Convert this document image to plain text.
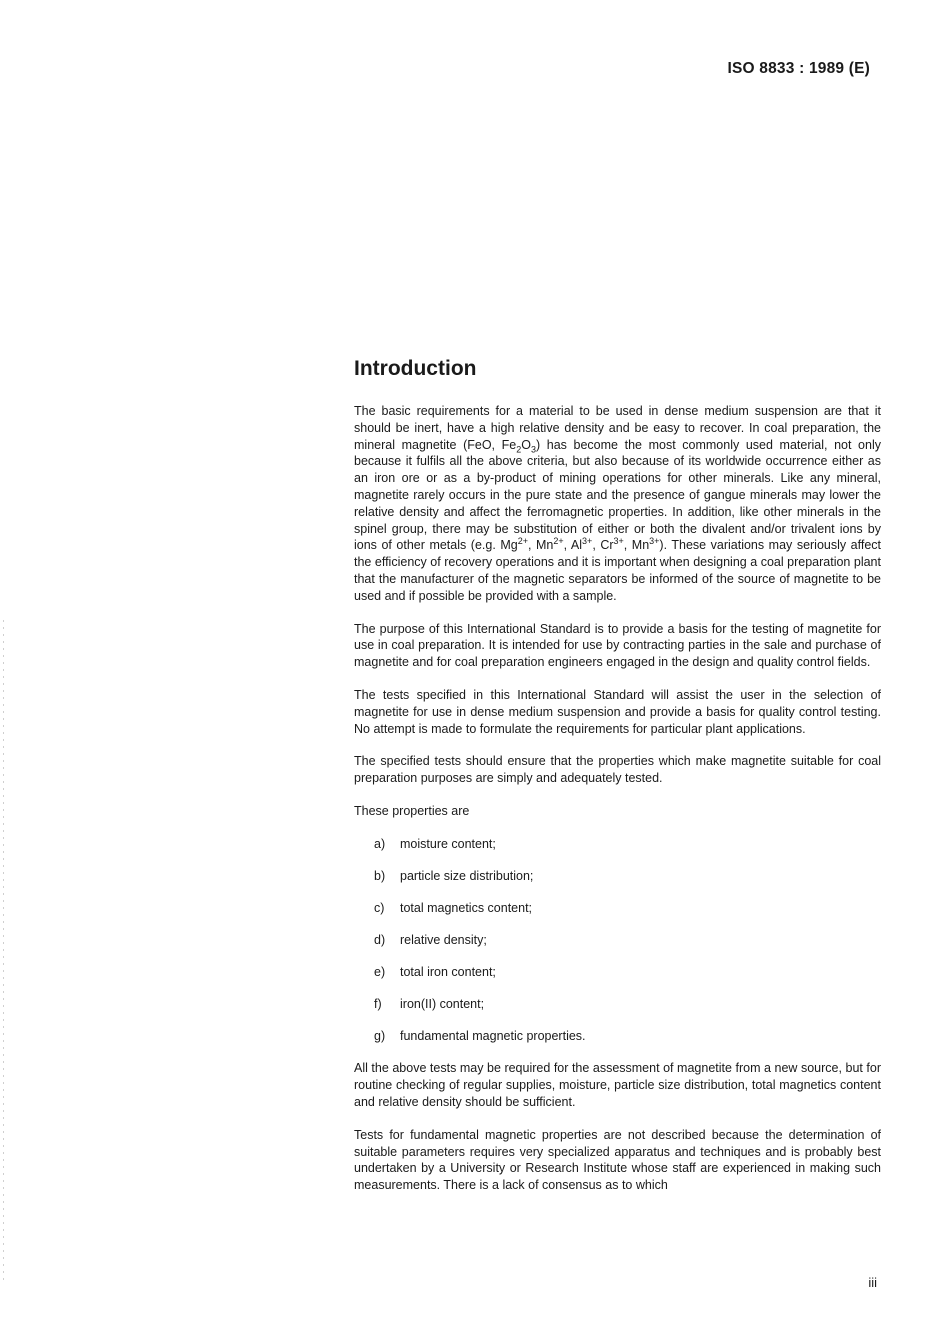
ISO 8833 : 1989 (E)

Introduction

The basic requirements for a material to be used in dense medium suspension are that it should be inert, have a high relative density and be easy to recover. In coal preparation, the mineral magnetite (FeO, $Fe_2O_3$) has become the most commonly used material, not only because it fulfils all the above criteria, but also because of its worldwide occurrence either as an iron ore or as a by-product of mining operations for other minerals. Like any mineral, magnetite rarely occurs in the pure state and the presence of gangue minerals may lower the relative density and affect the ferromagnetic properties. In addition, like other minerals in the spinel group, there may be substitution of either or both the divalent and/or trivalent ions by ions of other metals (e.g. $Mg^{2+}$, $Mn^{2+}$, $Al^{3+}$, $Cr^{3+}$, $Mn^{3+}$). These variations may seriously affect the efficiency of recovery operations and it is important when designing a coal preparation plant that the manufacturer of the magnetic separators be informed of the source of magnetite to be used and if possible be provided with a sample.

The purpose of this International Standard is to provide a basis for the testing of magnetite for use in coal preparation. It is intended for use by contracting parties in the sale and purchase of magnetite and for coal preparation engineers engaged in the design and quality control fields.

The tests specified in this International Standard will assist the user in the selection of magnetite for use in dense medium suspension and provide a basis for quality control testing. No attempt is made to formulate the requirements for particular plant applications.

The specified tests should ensure that the properties which make magnetite suitable for coal preparation purposes are simply and adequately tested.

These properties are

a) moisture content;
b) particle size distribution;
c) total magnetics content;
d) relative density;
e) total iron content;
f) iron(II) content;
g) fundamental magnetic properties.

All the above tests may be required for the assessment of magnetite from a new source, but for routine checking of regular supplies, moisture, particle size distribution, total magnetics content and relative density should be sufficient.

Tests for fundamental magnetic properties are not described because the determination of suitable parameters requires very specialized apparatus and techniques and is probably best undertaken by a University or Research Institute whose staff are experienced in making such measurements. There is a lack of consensus as to which

iii
